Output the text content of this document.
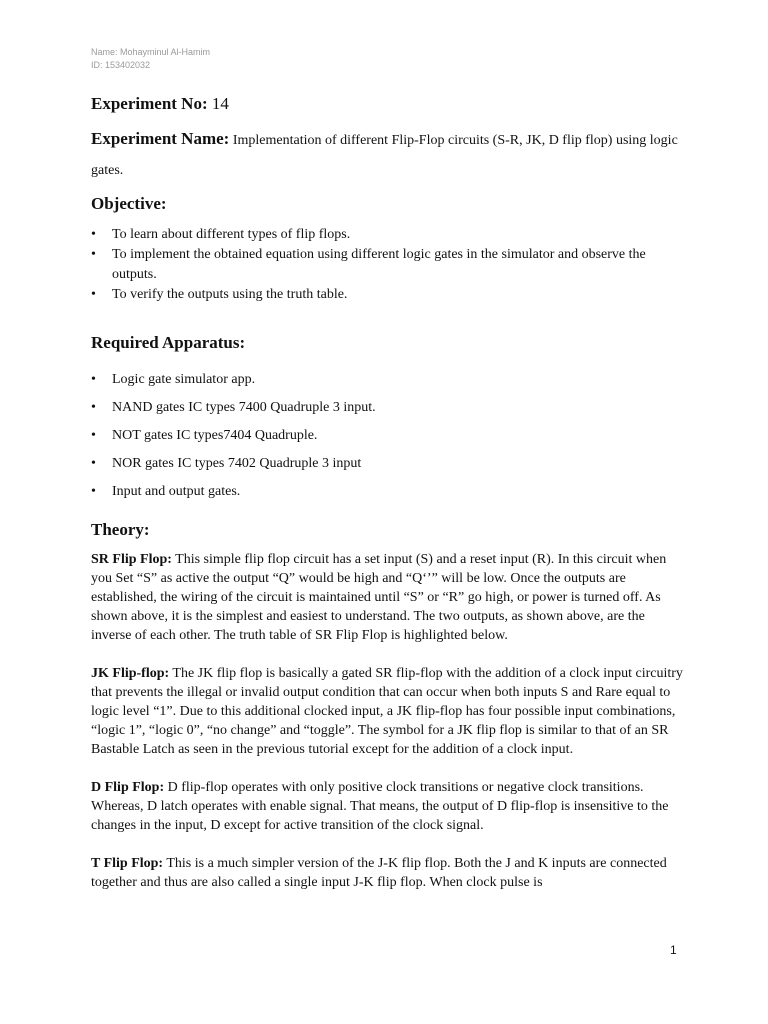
Name: Mohayminul Al-Hamim
ID: 153402032
Experiment No: 14
Experiment Name: Implementation of different Flip-Flop circuits (S-R, JK, D flip flop) using logic gates.
Objective:
• To learn about different types of flip flops.
• To implement the obtained equation using different logic gates in the simulator and observe the outputs.
• To verify the outputs using the truth table.
Required Apparatus:
• Logic gate simulator app.
• NAND gates IC types 7400 Quadruple 3 input.
• NOT gates IC types7404 Quadruple.
• NOR gates IC types 7402 Quadruple 3 input
• Input and output gates.
Theory:

SR Flip Flop: This simple flip flop circuit has a set input (S) and a reset input (R). In this circuit when you Set “S” as active the output “Q” would be high and “Q‘’” will be low. Once the outputs are established, the wiring of the circuit is maintained until “S” or “R” go high, or power is turned off. As shown above, it is the simplest and easiest to understand. The two outputs, as shown above, are the inverse of each other. The truth table of SR Flip Flop is highlighted below.

JK Flip-flop: The JK flip flop is basically a gated SR flip-flop with the addition of a clock input circuitry that prevents the illegal or invalid output condition that can occur when both inputs S and Rare equal to logic level “1”. Due to this additional clocked input, a JK flip-flop has four possible input combinations, “logic 1”, “logic 0”, “no change” and “toggle”. The symbol for a JK flip flop is similar to that of an SR Bastable Latch as seen in the previous tutorial except for the addition of a clock input.

D Flip Flop: D flip-flop operates with only positive clock transitions or negative clock transitions. Whereas, D latch operates with enable signal. That means, the output of D flip-flop is insensitive to the changes in the input, D except for active transition of the clock signal.

T Flip Flop: This is a much simpler version of the J-K flip flop. Both the J and K inputs are connected together and thus are also called a single input J-K flip flop. When clock pulse is

1
